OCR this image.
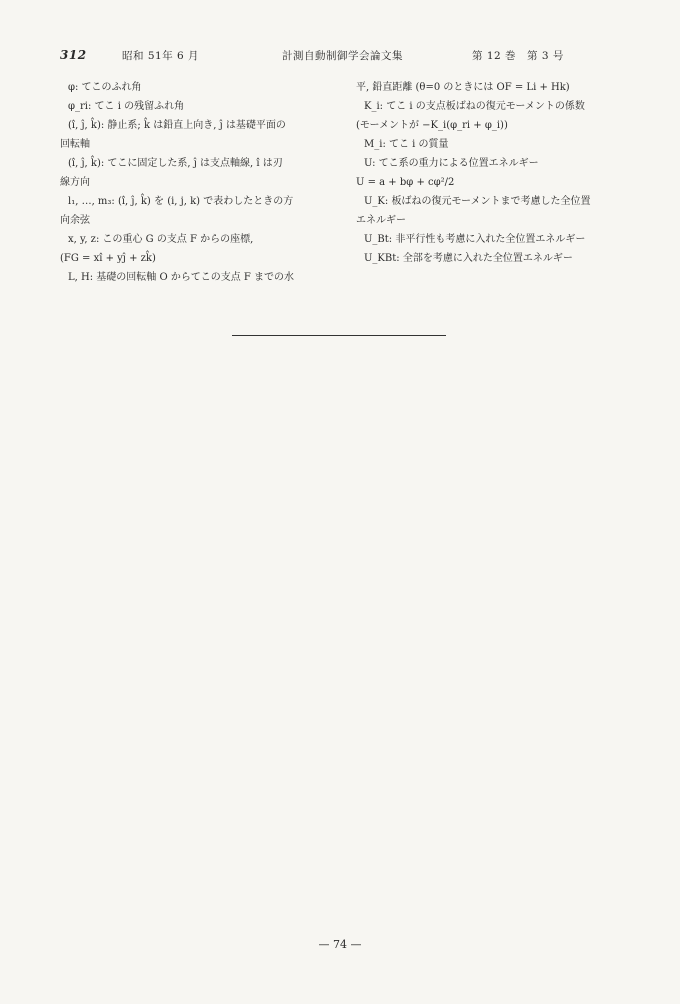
312	昭和 51年 6 月	計測自動制御学会論文集	第 12 巻　第 3 号
φ: てこのふれ角
φ_ri: てこ i の残留ふれ角
(î, ĵ, k̂): 静止系; k̂ は鉛直上向き, ĵ は基礎平面の
回転軸
(î, ĵ, k̂): てこに固定した系, ĵ は支点軸線, î は刃
線方向
l₁, …, m₃: (î, ĵ, k̂) を (i, j, k) で表わしたときの方
向余弦
x, y, z: この重心 G の支点 F からの座標,
(FG = xî + yĵ + zk̂)
L, H: 基礎の回転軸 O からてこの支点 F までの水
平, 鉛直距離 (θ=0 のときには OF = Li + Hk)
K_i: てこ i の支点板ばねの復元モーメントの係数
(モーメントが −K_i(φ_ri + φ_i))
M_i: てこ i の質量
U: てこ系の重力による位置エネルギー
U = a + bφ + cφ²/2
U_K: 板ばねの復元モーメントまで考慮した全位置
エネルギー
U_Bt: 非平行性も考慮に入れた全位置エネルギー
U_KBt: 全部を考慮に入れた全位置エネルギー
— 74 —
